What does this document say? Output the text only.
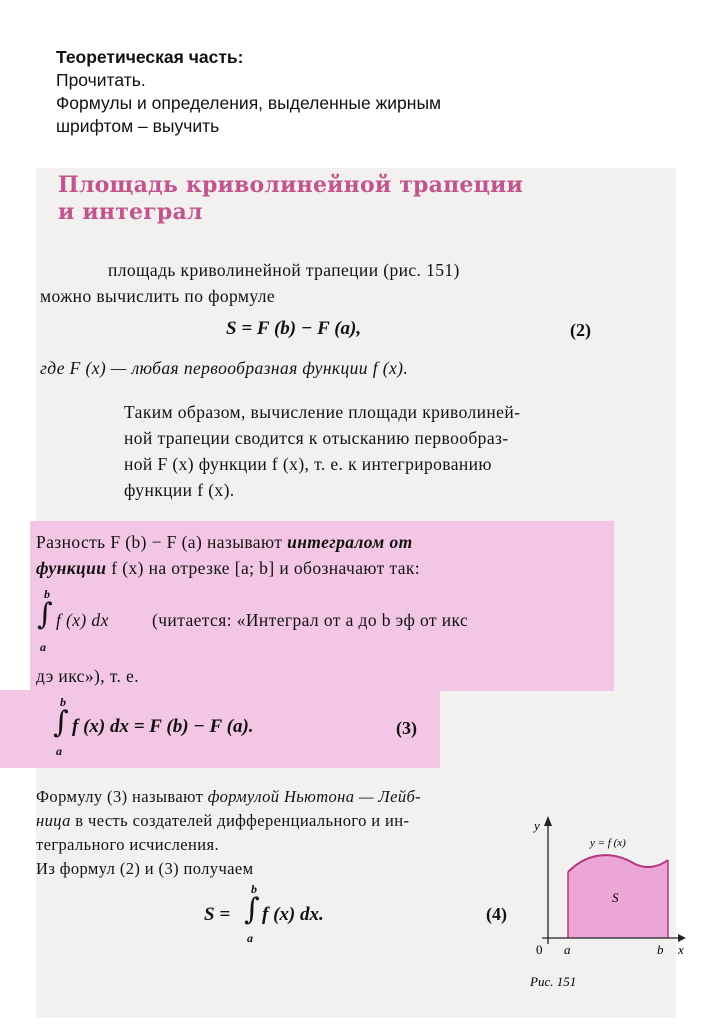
Теоретическая часть:
Прочитать.
Формулы и определения, выделенные жирным
шрифтом – выучить
Площадь криволинейной трапеции
и интеграл
площадь криволинейной трапеции (рис. 151)
можно вычислить по формуле
S = F (b) − F (a),	(2)
где F (x) — любая первообразная функции f (x).
Таким образом, вычисление площади криволиней-
ной трапеции сводится к отысканию первообраз-
ной F (x) функции f (x), т. е. к интегрированию
функции f (x).
Разность F (b) − F (a) называют интегралом от
функции f (x) на отрезке [a; b] и обозначают так:
b
∫
a
f (x) dx (читается: «Интеграл от a до b эф от икс
дэ икс»), т. е.
b
∫
a
f (x) dx = F (b) − F (a).	(3)
Формулу (3) называют формулой Ньютона — Лейб-
ница в честь создателей дифференциального и ин-
тегрального исчисления.
Из формул (2) и (3) получаем
S =
b
∫
a
f (x) dx.	(4)
y
x
y = f (x)
S
0 a	b
Рис. 151
